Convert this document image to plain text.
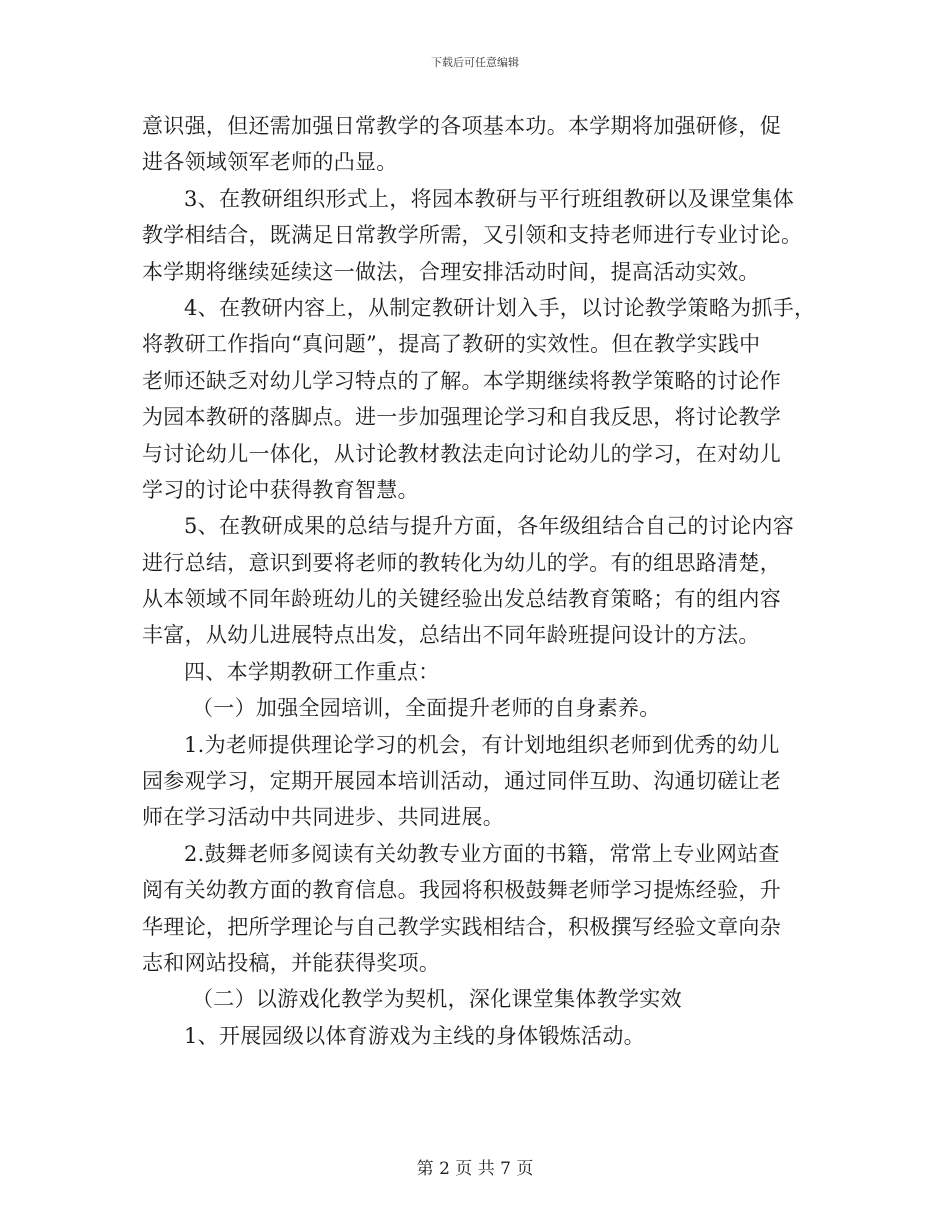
下载后可任意编辑
意识强，但还需加强日常教学的各项基本功。本学期将加强研修，促
进各领域领军老师的凸显。
3、在教研组织形式上，将园本教研与平行班组教研以及课堂集体
教学相结合，既满足日常教学所需，又引领和支持老师进行专业讨论。
本学期将继续延续这一做法，合理安排活动时间，提高活动实效。
4、在教研内容上，从制定教研计划入手，以讨论教学策略为抓手，
将教研工作指向“真问题”，提高了教研的实效性。但在教学实践中
老师还缺乏对幼儿学习特点的了解。本学期继续将教学策略的讨论作
为园本教研的落脚点。进一步加强理论学习和自我反思，将讨论教学
与讨论幼儿一体化，从讨论教材教法走向讨论幼儿的学习，在对幼儿
学习的讨论中获得教育智慧。
5、在教研成果的总结与提升方面，各年级组结合自己的讨论内容
进行总结，意识到要将老师的教转化为幼儿的学。有的组思路清楚，
从本领域不同年龄班幼儿的关键经验出发总结教育策略；有的组内容
丰富，从幼儿进展特点出发，总结出不同年龄班提问设计的方法。
四、本学期教研工作重点：
（一）加强全园培训，全面提升老师的自身素养。
1.为老师提供理论学习的机会，有计划地组织老师到优秀的幼儿
园参观学习，定期开展园本培训活动，通过同伴互助、沟通切磋让老
师在学习活动中共同进步、共同进展。
2.鼓舞老师多阅读有关幼教专业方面的书籍，常常上专业网站查
阅有关幼教方面的教育信息。我园将积极鼓舞老师学习提炼经验，升
华理论，把所学理论与自己教学实践相结合，积极撰写经验文章向杂
志和网站投稿，并能获得奖项。
（二）以游戏化教学为契机，深化课堂集体教学实效
1、开展园级以体育游戏为主线的身体锻炼活动。
第 2 页 共 7 页
